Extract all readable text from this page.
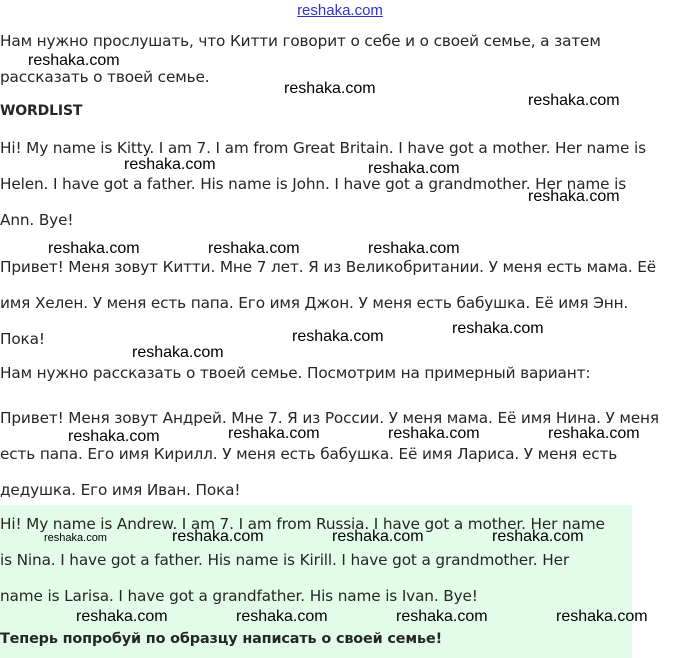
reshaka.com
Нам нужно прослушать, что Китти говорит о себе и о своей семье, а затем
рассказать о твоей семье.
WORDLIST
Hi! My name is Kitty. I am 7. I am from Great Britain. I have got a mother. Her name is
Helen. I have got a father. His name is John. I have got a grandmother. Her name is
Ann. Bye!
Привет! Меня зовут Китти. Мне 7 лет. Я из Великобритании. У меня есть мама. Её
имя Хелен. У меня есть папа. Его имя Джон. У меня есть бабушка. Её имя Энн.
Пока!
Нам нужно рассказать о твоей семье. Посмотрим на примерный вариант:
Привет! Меня зовут Андрей. Мне 7. Я из России. У меня мама. Её имя Нина. У меня
есть папа. Его имя Кирилл. У меня есть бабушка. Её имя Лариса. У меня есть
дедушка. Его имя Иван. Пока!
Hi! My name is Andrew. I am 7. I am from Russia. I have got a mother. Her name
is Nina. I have got a father. His name is Kirill. I have got a grandmother. Her
name is Larisa. I have got a grandfather. His name is Ivan. Bye!
Теперь попробуй по образцу написать о своей семье!
reshaka.com
reshaka.com
reshaka.com
reshaka.com	reshaka.com
reshaka.com
reshaka.com	reshaka.com	reshaka.com
reshaka.com
reshaka.com
reshaka.com
reshaka.com	reshaka.com	reshaka.com
reshaka.com
reshaka.com	reshaka.com	reshaka.com	reshaka.com
reshaka.com	reshaka.com	reshaka.com	reshaka.com
